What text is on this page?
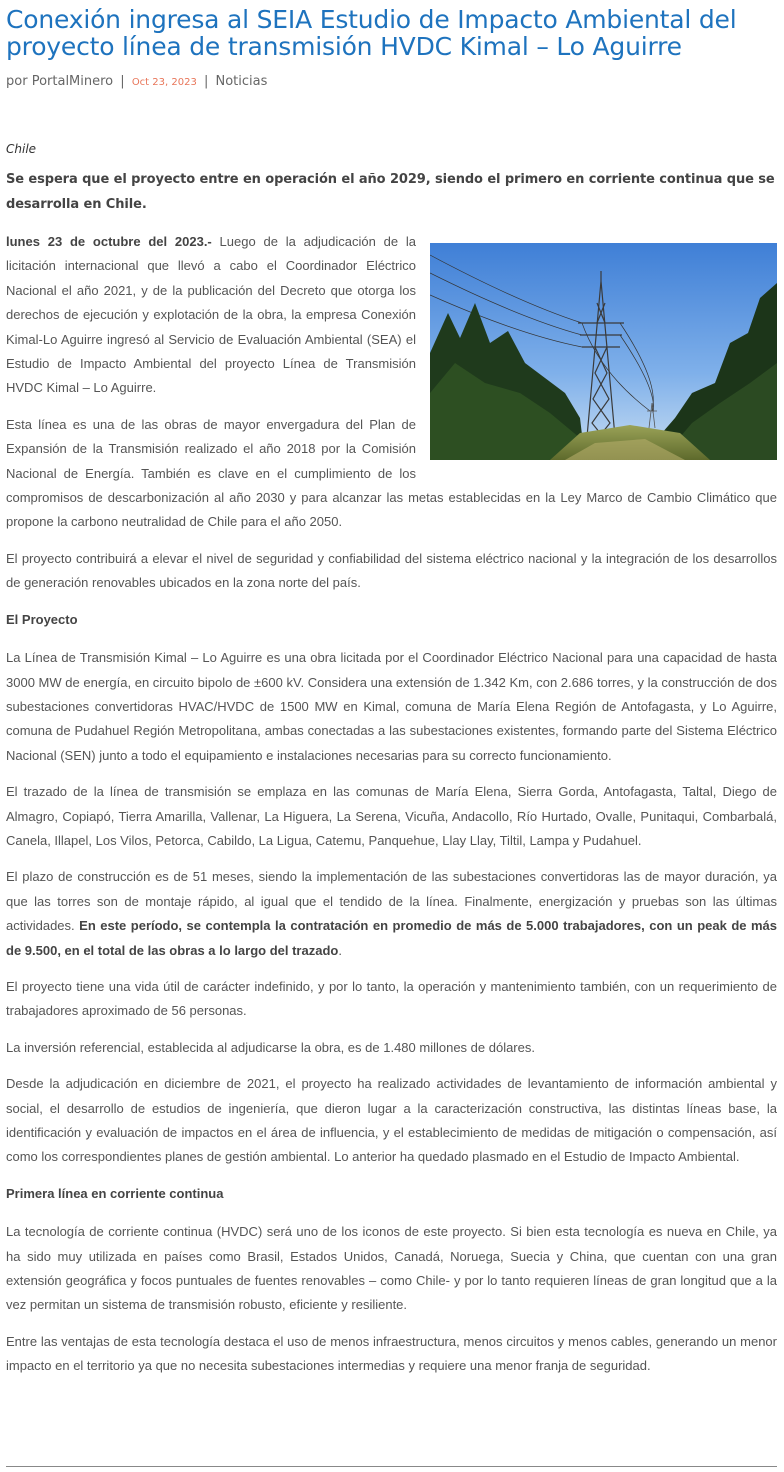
Conexión ingresa al SEIA Estudio de Impacto Ambiental del proyecto línea de transmisión HVDC Kimal – Lo Aguirre
por PortalMinero | Oct 23, 2023 | Noticias
Chile
Se espera que el proyecto entre en operación el año 2029, siendo el primero en corriente continua que se desarrolla en Chile.

lunes 23 de octubre del 2023.- Luego de la adjudicación de la licitación internacional que llevó a cabo el Coordinador Eléctrico Nacional el año 2021, y de la publicación del Decreto que otorga los derechos de ejecución y explotación de la obra, la empresa Conexión Kimal-Lo Aguirre ingresó al Servicio de Evaluación Ambiental (SEA) el Estudio de Impacto Ambiental del proyecto Línea de Transmisión HVDC Kimal – Lo Aguirre.

Esta línea es una de las obras de mayor envergadura del Plan de Expansión de la Transmisión realizado el año 2018 por la Comisión Nacional de Energía. También es clave en el cumplimiento de los compromisos de descarbonización al año 2030 y para alcanzar las metas establecidas en la Ley Marco de Cambio Climático que propone la carbono neutralidad de Chile para el año 2050.

El proyecto contribuirá a elevar el nivel de seguridad y confiabilidad del sistema eléctrico nacional y la integración de los desarrollos de generación renovables ubicados en la zona norte del país.

El Proyecto

La Línea de Transmisión Kimal – Lo Aguirre es una obra licitada por el Coordinador Eléctrico Nacional para una capacidad de hasta 3000 MW de energía, en circuito bipolo de ±600 kV. Considera una extensión de 1.342 Km, con 2.686 torres, y la construcción de dos subestaciones convertidoras HVAC/HVDC de 1500 MW en Kimal, comuna de María Elena Región de Antofagasta, y Lo Aguirre, comuna de Pudahuel Región Metropolitana, ambas conectadas a las subestaciones existentes, formando parte del Sistema Eléctrico Nacional (SEN) junto a todo el equipamiento e instalaciones necesarias para su correcto funcionamiento.

El trazado de la línea de transmisión se emplaza en las comunas de María Elena, Sierra Gorda, Antofagasta, Taltal, Diego de Almagro, Copiapó, Tierra Amarilla, Vallenar, La Higuera, La Serena, Vicuña, Andacollo, Río Hurtado, Ovalle, Punitaqui, Combarbalá, Canela, Illapel, Los Vilos, Petorca, Cabildo, La Ligua, Catemu, Panquehue, Llay Llay, Tiltil, Lampa y Pudahuel.

El plazo de construcción es de 51 meses, siendo la implementación de las subestaciones convertidoras las de mayor duración, ya que las torres son de montaje rápido, al igual que el tendido de la línea. Finalmente, energización y pruebas son las últimas actividades. En este período, se contempla la contratación en promedio de más de 5.000 trabajadores, con un peak de más de 9.500, en el total de las obras a lo largo del trazado.

El proyecto tiene una vida útil de carácter indefinido, y por lo tanto, la operación y mantenimiento también, con un requerimiento de trabajadores aproximado de 56 personas.

La inversión referencial, establecida al adjudicarse la obra, es de 1.480 millones de dólares.

Desde la adjudicación en diciembre de 2021, el proyecto ha realizado actividades de levantamiento de información ambiental y social, el desarrollo de estudios de ingeniería, que dieron lugar a la caracterización constructiva, las distintas líneas base, la identificación y evaluación de impactos en el área de influencia, y el establecimiento de medidas de mitigación o compensación, así como los correspondientes planes de gestión ambiental. Lo anterior ha quedado plasmado en el Estudio de Impacto Ambiental.

Primera línea en corriente continua

La tecnología de corriente continua (HVDC) será uno de los iconos de este proyecto. Si bien esta tecnología es nueva en Chile, ya ha sido muy utilizada en países como Brasil, Estados Unidos, Canadá, Noruega, Suecia y China, que cuentan con una gran extensión geográfica y focos puntuales de fuentes renovables – como Chile- y por lo tanto requieren líneas de gran longitud que a la vez permitan un sistema de transmisión robusto, eficiente y resiliente.

Entre las ventajas de esta tecnología destaca el uso de menos infraestructura, menos circuitos y menos cables, generando un menor impacto en el territorio ya que no necesita subestaciones intermedias y requiere una menor franja de seguridad.
